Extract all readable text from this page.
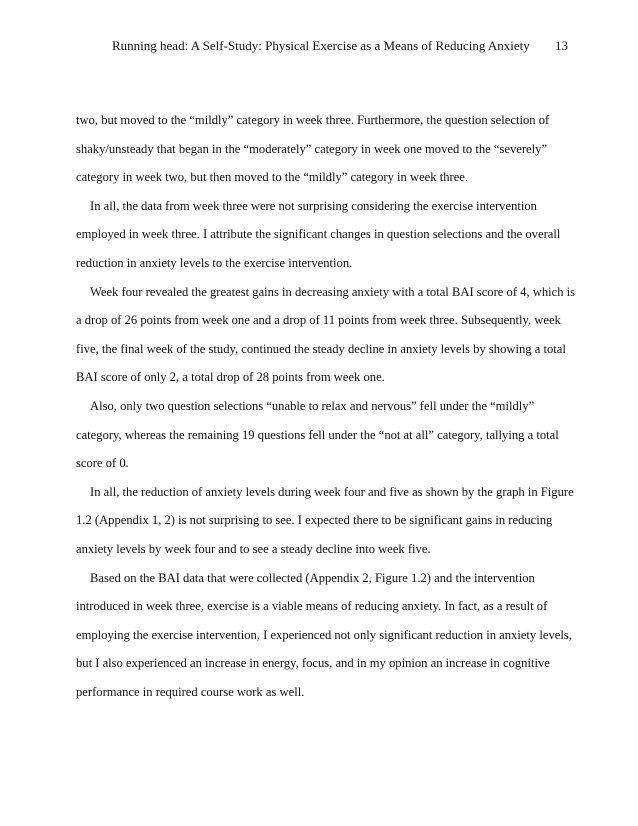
Running head: A Self-Study: Physical Exercise as a Means of Reducing Anxiety 13

two, but moved to the “mildly” category in week three. Furthermore, the question selection of shaky/unsteady that began in the “moderately” category in week one moved to the “severely” category in week two, but then moved to the “mildly” category in week three.

In all, the data from week three were not surprising considering the exercise intervention employed in week three. I attribute the significant changes in question selections and the overall reduction in anxiety levels to the exercise intervention.

Week four revealed the greatest gains in decreasing anxiety with a total BAI score of 4, which is a drop of 26 points from week one and a drop of 11 points from week three. Subsequently, week five, the final week of the study, continued the steady decline in anxiety levels by showing a total BAI score of only 2, a total drop of 28 points from week one.

Also, only two question selections “unable to relax and nervous” fell under the “mildly” category, whereas the remaining 19 questions fell under the “not at all” category, tallying a total score of 0.

In all, the reduction of anxiety levels during week four and five as shown by the graph in Figure 1.2 (Appendix 1, 2) is not surprising to see. I expected there to be significant gains in reducing anxiety levels by week four and to see a steady decline into week five.

Based on the BAI data that were collected (Appendix 2, Figure 1.2) and the intervention introduced in week three, exercise is a viable means of reducing anxiety. In fact, as a result of employing the exercise intervention, I experienced not only significant reduction in anxiety levels, but I also experienced an increase in energy, focus, and in my opinion an increase in cognitive performance in required course work as well.
